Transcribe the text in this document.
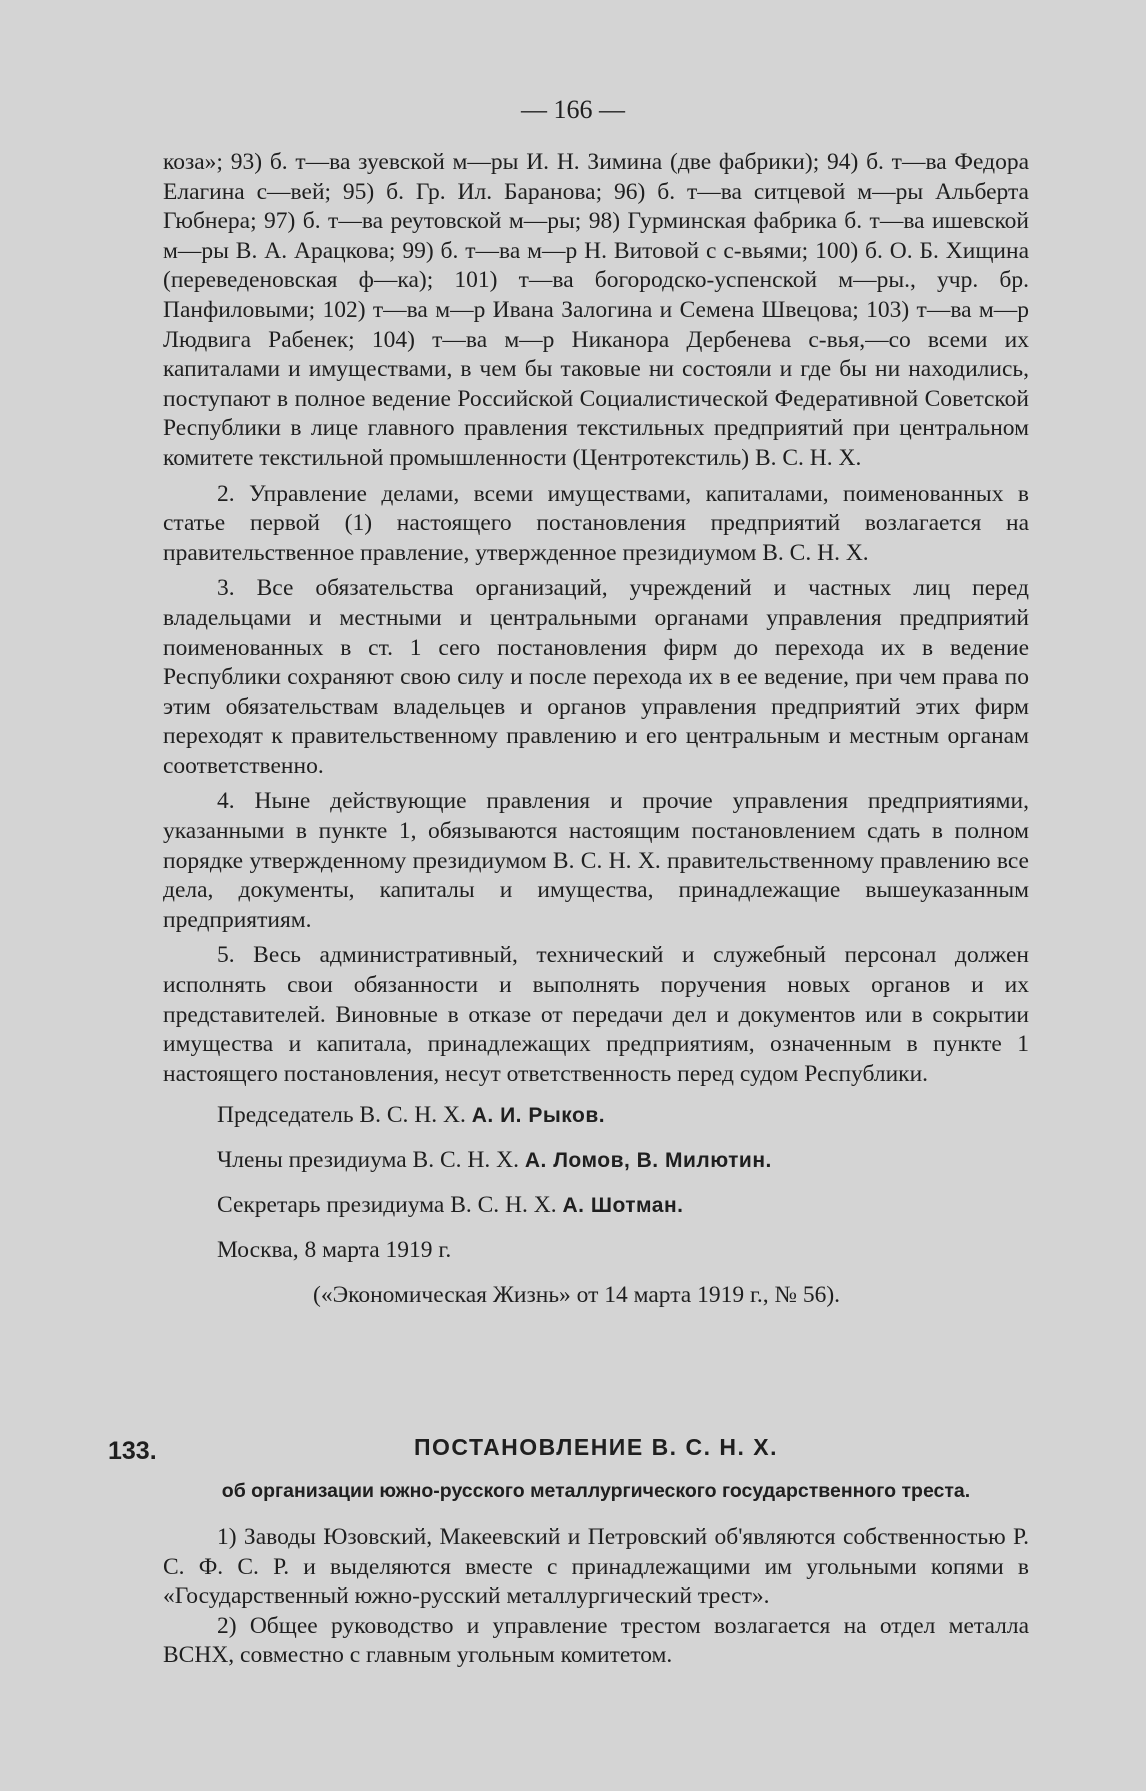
— 166 —

коза»; 93) б. т—ва зуевской м—ры И. Н. Зимина (две фабрики); 94) б. т—ва Федора Елагина с—вей; 95) б. Гр. Ил. Баранова; 96) б. т—ва ситцевой м—ры Альберта Гюбнера; 97) б. т—ва реутовской м—ры; 98) Гурминская фабрика б. т—ва ишевской м—ры В. А. Арацкова; 99) б. т—ва м—р Н. Витовой с с-вьями; 100) б. О. Б. Хищина (переведеновская ф—ка); 101) т—ва богородско-успенской м—ры., учр. бр. Панфиловыми; 102) т—ва м—р Ивана Залогина и Семена Швецова; 103) т—ва м—р Людвига Рабенек; 104) т—ва м—р Никанора Дербенева с-вья,—со всеми их капиталами и имуществами, в чем бы таковые ни состояли и где бы ни находились, поступают в полное ведение Российской Социалистической Федеративной Советской Республики в лице главного правления текстильных предприятий при центральном комитете текстильной промышленности (Центротекстиль) В. С. Н. Х.

2. Управление делами, всеми имуществами, капиталами, поименованных в статье первой (1) настоящего постановления предприятий возлагается на правительственное правление, утвержденное президиумом В. С. Н. Х.

3. Все обязательства организаций, учреждений и частных лиц перед владельцами и местными и центральными органами управления предприятий поименованных в ст. 1 сего постановления фирм до перехода их в ведение Республики сохраняют свою силу и после перехода их в ее ведение, при чем права по этим обязательствам владельцев и органов управления предприятий этих фирм переходят к правительственному правлению и его центральным и местным органам соответственно.

4. Ныне действующие правления и прочие управления предприятиями, указанными в пункте 1, обязываются настоящим постановлением сдать в полном порядке утвержденному президиумом В. С. Н. Х. правительственному правлению все дела, документы, капиталы и имущества, принадлежащие вышеуказанным предприятиям.

5. Весь административный, технический и служебный персонал должен исполнять свои обязанности и выполнять поручения новых органов и их представителей. Виновные в отказе от передачи дел и документов или в сокрытии имущества и капитала, принадлежащих предприятиям, означенным в пункте 1 настоящего постановления, несут ответственность перед судом Республики.

Председатель В. С. Н. Х. А. И. Рыков.

Члены президиума В. С. Н. Х. А. Ломов, В. Милютин.

Секретарь президиума В. С. Н. Х. А. Шотман.

Москва, 8 марта 1919 г.

(«Экономическая Жизнь» от 14 марта 1919 г., № 56).

133.	ПОСТАНОВЛЕНИЕ В. С. Н. Х.
об организации южно-русского металлургического государственного треста.

1) Заводы Юзовский, Макеевский и Петровский об'являются собственностью Р. С. Ф. С. Р. и выделяются вместе с принадлежащими им угольными копями в «Государственный южно-русский металлургический трест».

2) Общее руководство и управление трестом возлагается на отдел металла ВСНХ, совместно с главным угольным комитетом.
